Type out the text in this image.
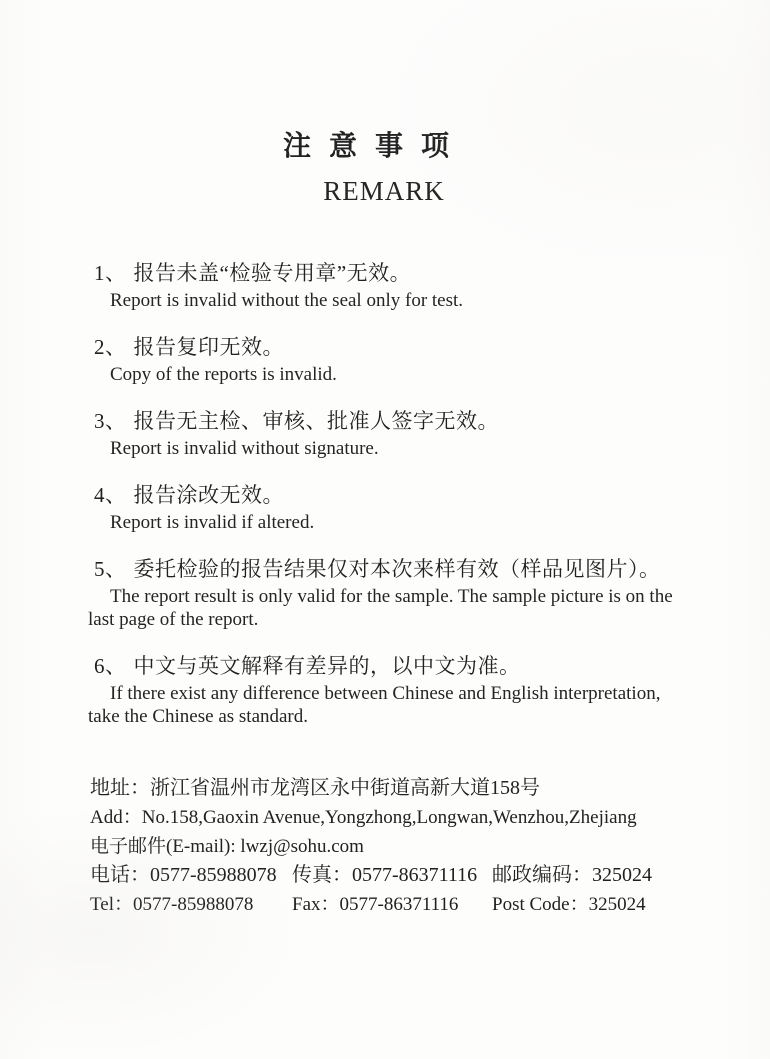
注意事项
REMARK
1、 报告未盖“检验专用章”无效。
Report is invalid without the seal only for test.
2、 报告复印无效。
Copy of the reports is invalid.
3、 报告无主检、审核、批准人签字无效。
Report is invalid without signature.
4、 报告涂改无效。
Report is invalid if altered.
5、 委托检验的报告结果仅对本次来样有效（样品见图片）。
The report result is only valid for the sample. The sample picture is on the last page of the report.
6、 中文与英文解释有差异的，以中文为准。
If there exist any difference between Chinese and English interpretation, take the Chinese as standard.
地址：浙江省温州市龙湾区永中街道高新大道158号
Add：No.158,Gaoxin Avenue,Yongzhong,Longwan,Wenzhou,Zhejiang
电子邮件(E-mail): lwzj@sohu.com
电话：0577-85988078 传真：0577-86371116 邮政编码：325024
Tel：0577-85988078	Fax：0577-86371116	Post Code：325024
